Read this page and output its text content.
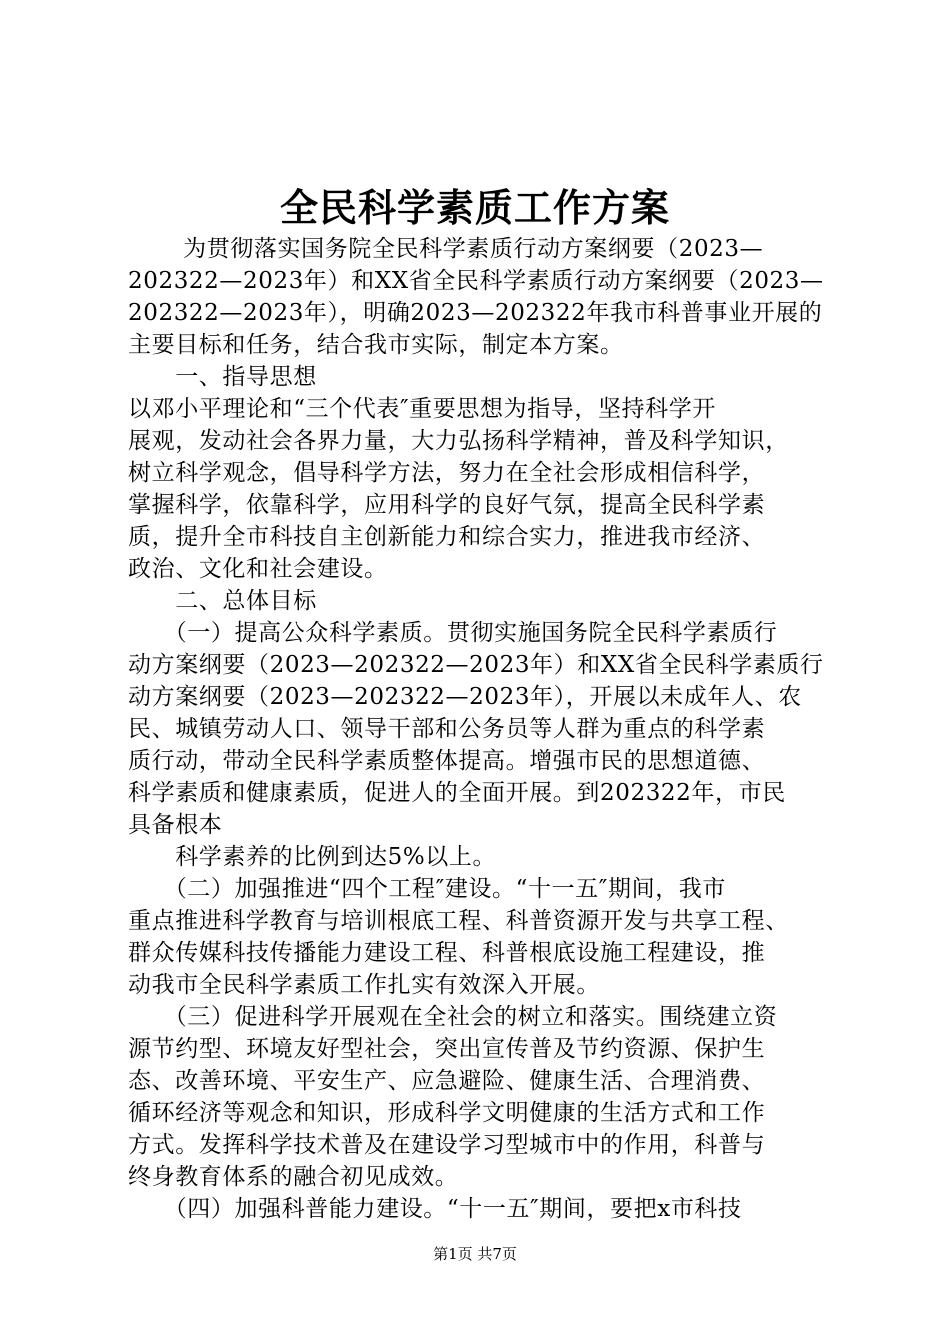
全民科学素质工作方案
　　 为贯彻落实国务院全民科学素质行动方案纲要（2023—
202322—2023年）和XX省全民科学素质行动方案纲要（2023—
202322—2023年），明确2023—202322年我市科普事业开展的
主要目标和任务，结合我市实际，制定本方案。
　　一、指导思想
以邓小平理论和“三个代表″重要思想为指导，坚持科学开
展观，发动社会各界力量，大力弘扬科学精神，普及科学知识，
树立科学观念，倡导科学方法，努力在全社会形成相信科学，
掌握科学，依靠科学，应用科学的良好气氛，提高全民科学素
质，提升全市科技自主创新能力和综合实力，推进我市经济、
政治、文化和社会建设。
　　二、总体目标
　　（一）提高公众科学素质。贯彻实施国务院全民科学素质行
动方案纲要（2023—202322—2023年）和XX省全民科学素质行
动方案纲要（2023—202322—2023年），开展以未成年人、农
民、城镇劳动人口、领导干部和公务员等人群为重点的科学素
质行动，带动全民科学素质整体提高。增强市民的思想道德、
科学素质和健康素质，促进人的全面开展。到202322年，市民
具备根本
　　科学素养的比例到达5%以上。
　　（二）加强推进“四个工程″建设。“十一五″期间，我市
重点推进科学教育与培训根底工程、科普资源开发与共享工程、
群众传媒科技传播能力建设工程、科普根底设施工程建设，推
动我市全民科学素质工作扎实有效深入开展。
　　（三）促进科学开展观在全社会的树立和落实。围绕建立资
源节约型、环境友好型社会，突出宣传普及节约资源、保护生
态、改善环境、平安生产、应急避险、健康生活、合理消费、
循环经济等观念和知识，形成科学文明健康的生活方式和工作
方式。发挥科学技术普及在建设学习型城市中的作用，科普与
终身教育体系的融合初见成效。
　　（四）加强科普能力建设。“十一五″期间，要把x市科技
第1页 共7页
